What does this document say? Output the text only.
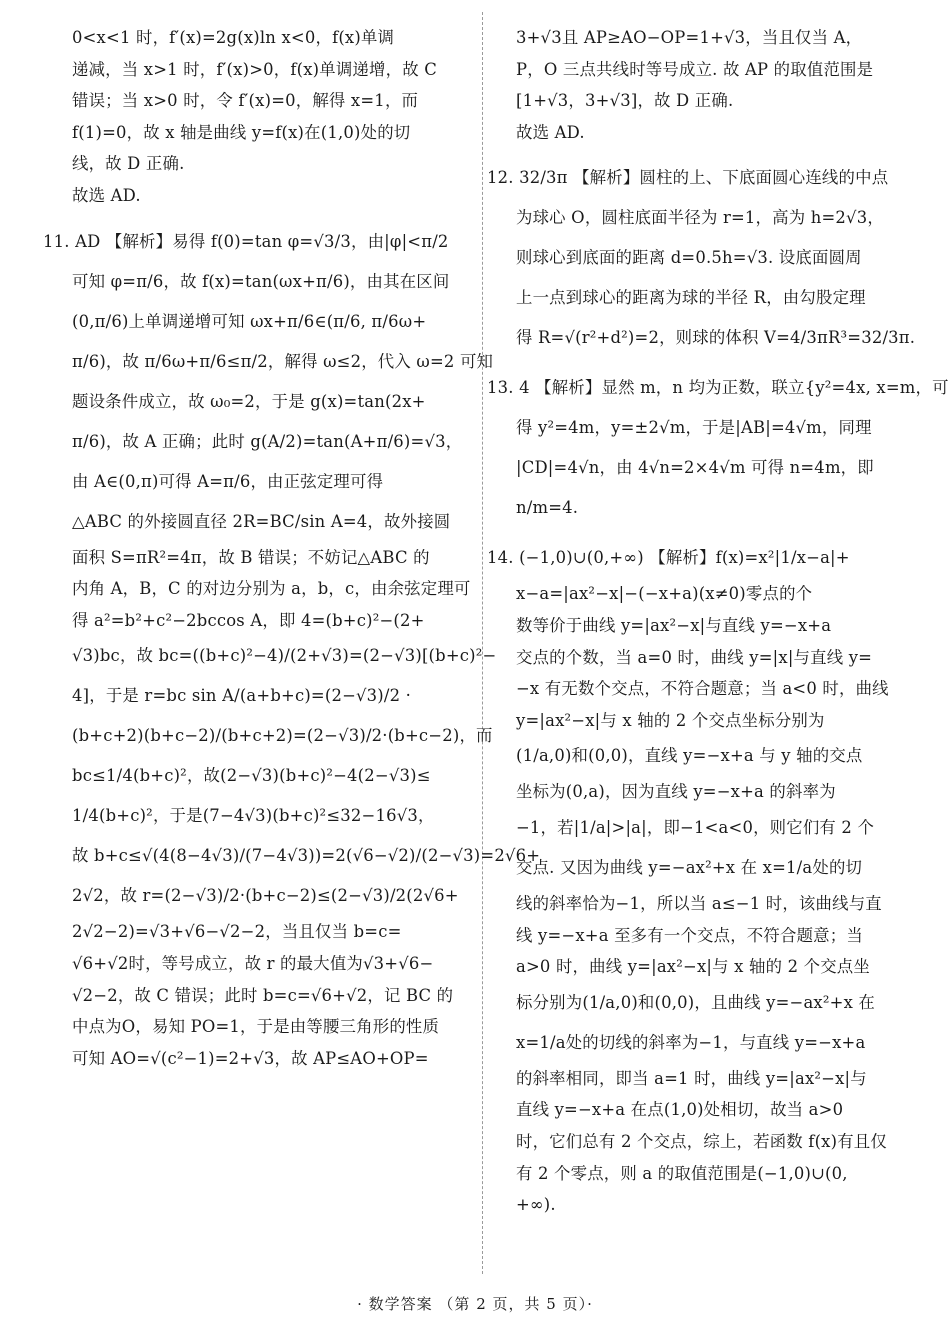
0<x<1 时，f′(x)=2g(x)ln x<0，f(x)单调
递减，当 x>1 时，f′(x)>0，f(x)单调递增，故 C
错误；当 x>0 时，令 f′(x)=0，解得 x=1，而
f(1)=0，故 x 轴是曲线 y=f(x)在(1,0)处的切
线，故 D 正确.
故选 AD.
11. AD 【解析】易得 f(0)=tan φ=√3/3，由|φ|<π/2
可知 φ=π/6，故 f(x)=tan(ωx+π/6)，由其在区间
(0,π/6)上单调递增可知 ωx+π/6∈(π/6, π/6ω+
π/6)，故 π/6ω+π/6≤π/2，解得 ω≤2，代入 ω=2 可知
题设条件成立，故 ω₀=2，于是 g(x)=tan(2x+
π/6)，故 A 正确；此时 g(A/2)=tan(A+π/6)=√3，
由 A∈(0,π)可得 A=π/6，由正弦定理可得
△ABC 的外接圆直径 2R=BC/sin A=4，故外接圆
面积 S=πR²=4π，故 B 错误；不妨记△ABC 的
内角 A，B，C 的对边分别为 a，b，c，由余弦定理可
得 a²=b²+c²−2bccos A，即 4=(b+c)²−(2+
√3)bc，故 bc=((b+c)²−4)/(2+√3)=(2−√3)[(b+c)²−
4]，于是 r=bc sin A/(a+b+c)=(2−√3)/2 ·
(b+c+2)(b+c−2)/(b+c+2)=(2−√3)/2·(b+c−2)，而
bc≤1/4(b+c)²，故(2−√3)(b+c)²−4(2−√3)≤
1/4(b+c)²，于是(7−4√3)(b+c)²≤32−16√3，
故 b+c≤√(4(8−4√3)/(7−4√3))=2(√6−√2)/(2−√3)=2√6+
2√2，故 r=(2−√3)/2·(b+c−2)≤(2−√3)/2(2√6+
2√2−2)=√3+√6−√2−2，当且仅当 b=c=
√6+√2时，等号成立，故 r 的最大值为√3+√6−
√2−2，故 C 错误；此时 b=c=√6+√2，记 BC 的
中点为O，易知 PO=1，于是由等腰三角形的性质
可知 AO=√(c²−1)=2+√3，故 AP≤AO+OP=
3+√3且 AP≥AO−OP=1+√3，当且仅当 A，
P，O 三点共线时等号成立. 故 AP 的取值范围是
[1+√3，3+√3]，故 D 正确.
故选 AD.
12. 32/3π 【解析】圆柱的上、下底面圆心连线的中点
为球心 O，圆柱底面半径为 r=1，高为 h=2√3，
则球心到底面的距离 d=0.5h=√3. 设底面圆周
上一点到球心的距离为球的半径 R，由勾股定理
得 R=√(r²+d²)=2，则球的体积 V=4/3πR³=32/3π.
13. 4 【解析】显然 m，n 均为正数，联立{y²=4x, x=m，可
得 y²=4m，y=±2√m，于是|AB|=4√m，同理
|CD|=4√n，由 4√n=2×4√m 可得 n=4m，即
n/m=4.
14. (−1,0)∪(0,+∞) 【解析】f(x)=x²|1/x−a|+
x−a=|ax²−x|−(−x+a)(x≠0)零点的个
数等价于曲线 y=|ax²−x|与直线 y=−x+a
交点的个数，当 a=0 时，曲线 y=|x|与直线 y=
−x 有无数个交点，不符合题意；当 a<0 时，曲线
y=|ax²−x|与 x 轴的 2 个交点坐标分别为
(1/a,0)和(0,0)，直线 y=−x+a 与 y 轴的交点
坐标为(0,a)，因为直线 y=−x+a 的斜率为
−1，若|1/a|>|a|，即−1<a<0，则它们有 2 个
交点. 又因为曲线 y=−ax²+x 在 x=1/a处的切
线的斜率恰为−1，所以当 a≤−1 时，该曲线与直
线 y=−x+a 至多有一个交点，不符合题意；当
a>0 时，曲线 y=|ax²−x|与 x 轴的 2 个交点坐
标分别为(1/a,0)和(0,0)，且曲线 y=−ax²+x 在
x=1/a处的切线的斜率为−1，与直线 y=−x+a
的斜率相同，即当 a=1 时，曲线 y=|ax²−x|与
直线 y=−x+a 在点(1,0)处相切，故当 a>0
时，它们总有 2 个交点，综上，若函数 f(x)有且仅
有 2 个零点，则 a 的取值范围是(−1,0)∪(0,
+∞).
· 数学答案 （第 2 页，共 5 页）·
